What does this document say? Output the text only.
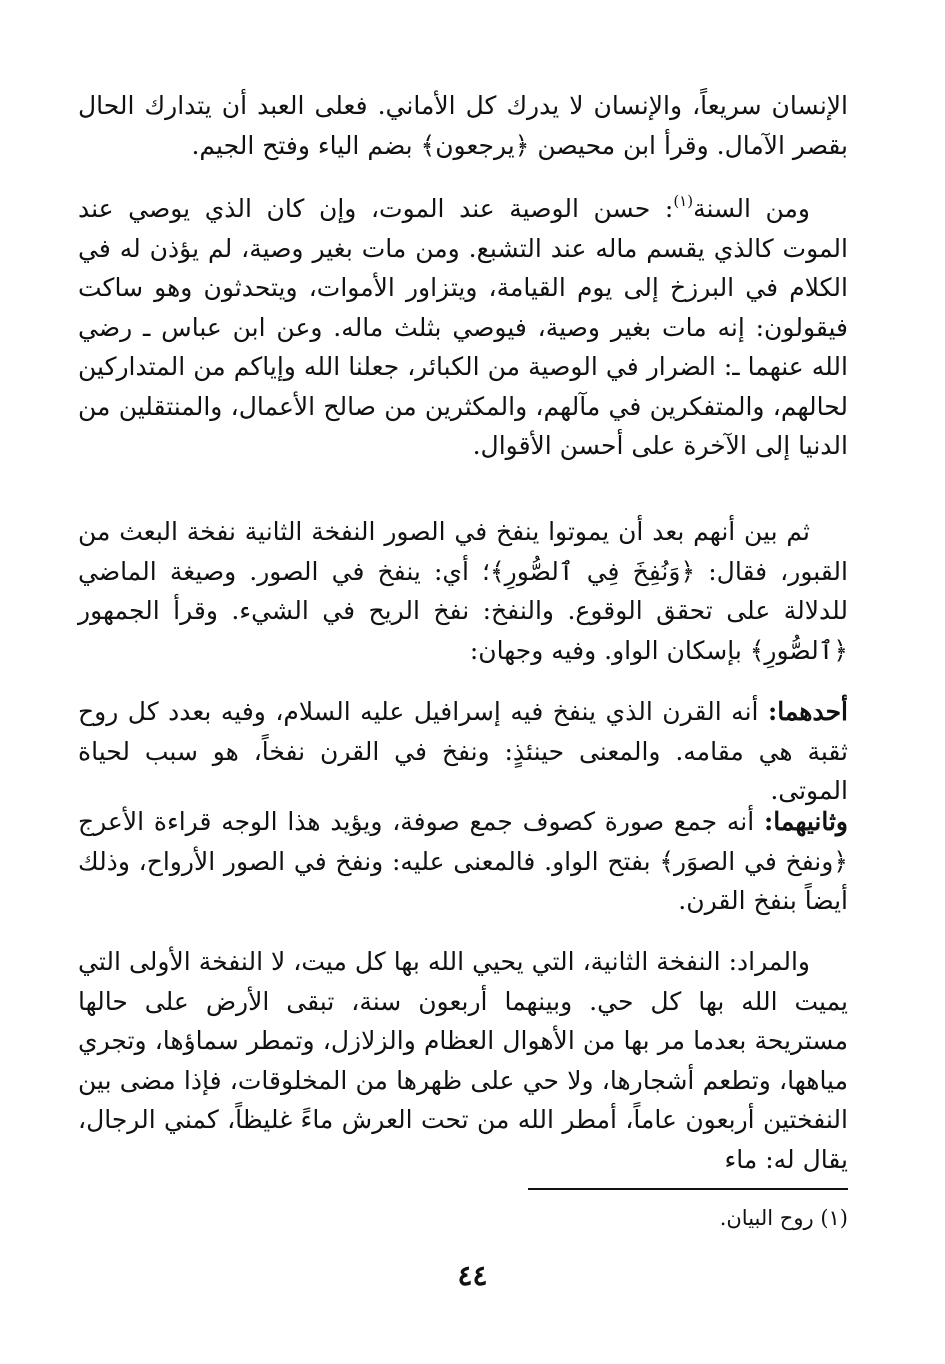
الإنسان سريعاً، والإنسان لا يدرك كل الأماني. فعلى العبد أن يتدارك الحال بقصر الآمال. وقرأ ابن محيصن ﴿يرجعون﴾ بضم الياء وفتح الجيم.

ومن السنة$^{(١)}$: حسن الوصية عند الموت، وإن كان الذي يوصي عند الموت كالذي يقسم ماله عند التشبع. ومن مات بغير وصية، لم يؤذن له في الكلام في البرزخ إلى يوم القيامة، ويتزاور الأموات، ويتحدثون وهو ساكت فيقولون: إنه مات بغير وصية، فيوصي بثلث ماله. وعن ابن عباس ـ رضي الله عنهما ـ: الضرار في الوصية من الكبائر، جعلنا الله وإياكم من المتداركين لحالهم، والمتفكرين في مآلهم، والمكثرين من صالح الأعمال، والمنتقلين من الدنيا إلى الآخرة على أحسن الأقوال.

ثم بين أنهم بعد أن يموتوا ينفخ في الصور النفخة الثانية نفخة البعث من القبور، فقال: ﴿وَنُفِخَ فِي ٱلصُّورِ﴾؛ أي: ينفخ في الصور. وصيغة الماضي للدلالة على تحقق الوقوع. والنفخ: نفخ الريح في الشيء. وقرأ الجمهور ﴿ٱلصُّورِ﴾ بإسكان الواو. وفيه وجهان:

أحدهما: أنه القرن الذي ينفخ فيه إسرافيل عليه السلام، وفيه بعدد كل روح ثقبة هي مقامه. والمعنى حينئذٍ: ونفخ في القرن نفخاً، هو سبب لحياة الموتى.

وثانيهما: أنه جمع صورة كصوف جمع صوفة، ويؤيد هذا الوجه قراءة الأعرج ﴿ونفخ في الصوَر﴾ بفتح الواو. فالمعنى عليه: ونفخ في الصور الأرواح، وذلك أيضاً بنفخ القرن.

والمراد: النفخة الثانية، التي يحيي الله بها كل ميت، لا النفخة الأولى التي يميت الله بها كل حي. وبينهما أربعون سنة، تبقى الأرض على حالها مستريحة بعدما مر بها من الأهوال العظام والزلازل، وتمطر سماؤها، وتجري مياهها، وتطعم أشجارها، ولا حي على ظهرها من المخلوقات، فإذا مضى بين النفختين أربعون عاماً، أمطر الله من تحت العرش ماءً غليظاً، كمني الرجال، يقال له: ماء

(١) روح البيان.

٤٤
